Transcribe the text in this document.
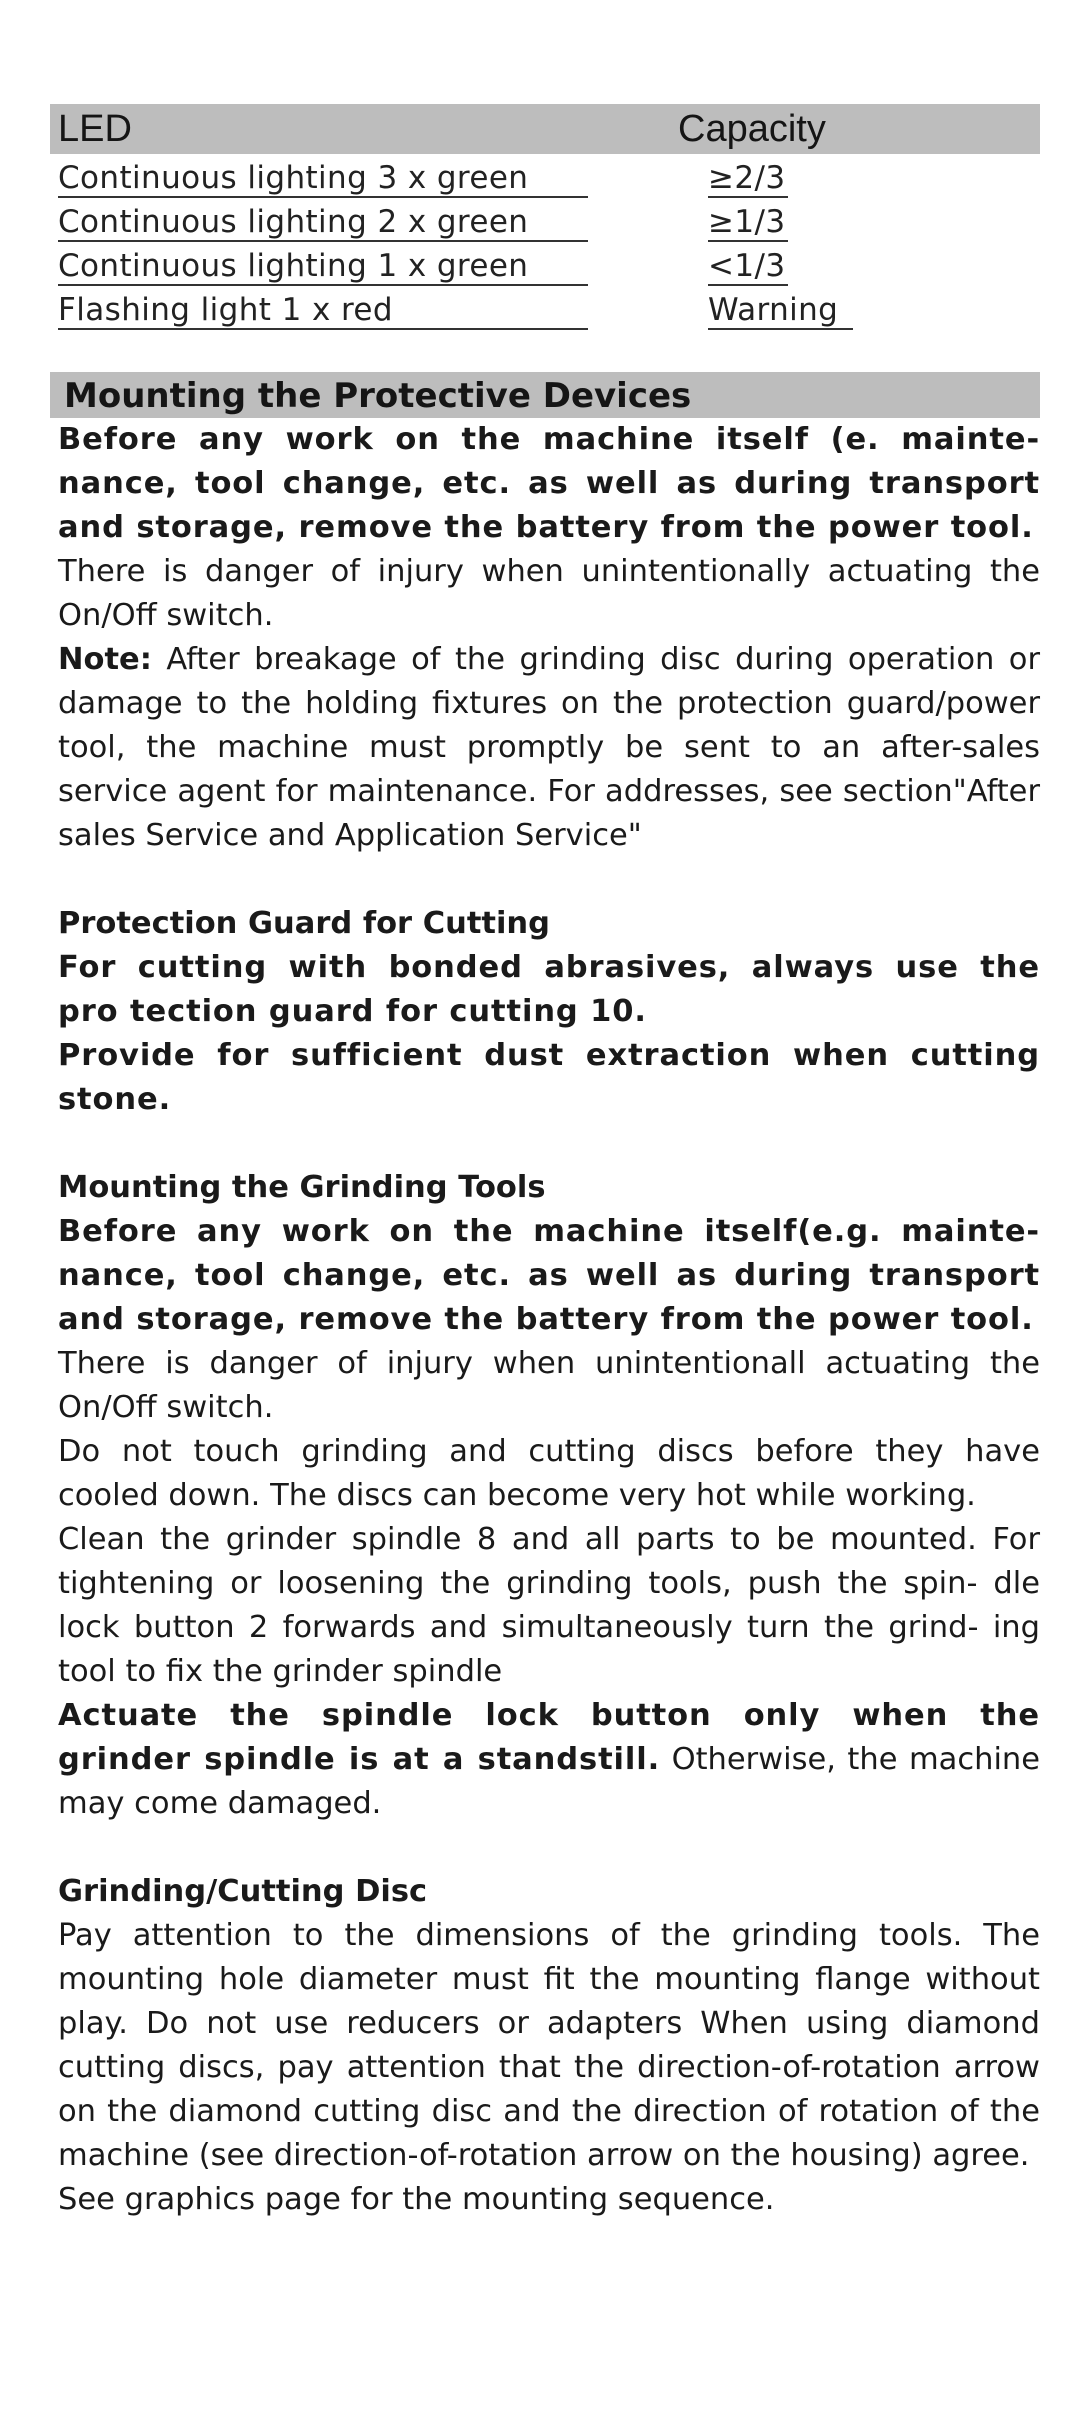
LED	Capacity
Continuous lighting 3 x green	≥2/3
Continuous lighting 2 x green	≥1/3
Continuous lighting 1 x green	<1/3
Flashing light 1 x red	Warning
Mounting the Protective Devices

Before any work on the machine itself (e. mainte-nance, tool change, etc. as well as during transport and storage, remove the battery from the power tool.

There is danger of injury when unintentionally actuating the On/Off switch.

Note: After breakage of the grinding disc during operation or damage to the holding fixtures on the protection guard/power tool, the machine must promptly be sent to an after-sales service agent for maintenance. For addresses, see section"After sales Service and Application Service"

Protection Guard for Cutting

For cutting with bonded abrasives, always use the pro tection guard for cutting 10.

Provide for sufficient dust extraction when cutting stone.

Mounting the Grinding Tools

Before any work on the machine itself(e.g. mainte-nance, tool change, etc. as well as during transport and storage, remove the battery from the power tool.

There is danger of injury when unintentionall actuating the On/Off switch.

Do not touch grinding and cutting discs before they have cooled down. The discs can become very hot while working.

Clean the grinder spindle 8 and all parts to be mounted. For tightening or loosening the grinding tools, push the spin- dle lock button 2 forwards and simultaneously turn the grind- ing tool to fix the grinder spindle

Actuate the spindle lock button only when the grinder spindle is at a standstill. Otherwise, the machine may come damaged.

Grinding/Cutting Disc

Pay attention to the dimensions of the grinding tools. The mounting hole diameter must fit the mounting flange without play. Do not use reducers or adapters When using diamond cutting discs, pay attention that the direction-of-rotation arrow on the diamond cutting disc and the direction of rotation of the machine (see direction-of-rotation arrow on the housing) agree.

See graphics page for the mounting sequence.
